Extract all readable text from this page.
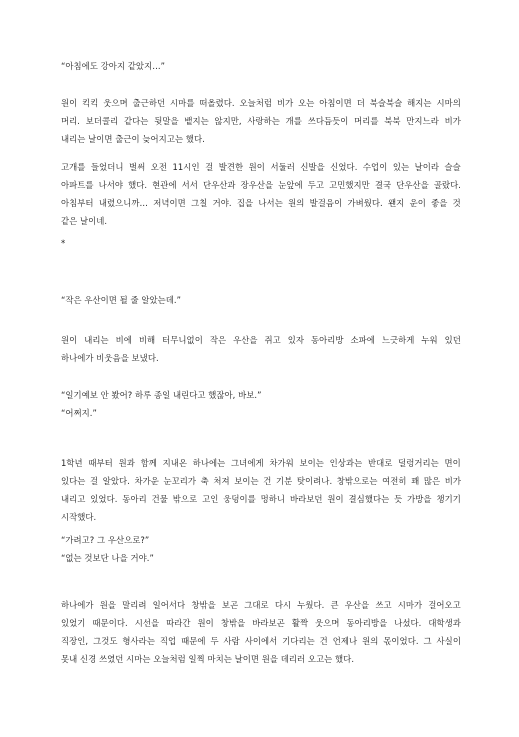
“아침에도 강아지 같았지…”
원이 킥킥 웃으며 출근하던 시마를 떠올렸다. 오늘처럼 비가 오는 아침이면 더 북슬북슬 해지는 시마의
머리. 보더콜리 같다는 뒷말을 뱉지는 않지만, 사랑하는 개를 쓰다듬듯이 머리를 북북 만지느라 비가
내리는 날이면 출근이 늦어지고는 했다.
고개를 들었더니 벌써 오전 11시인 걸 발견한 원이 서둘러 신발을 신었다. 수업이 있는 날이라 슬슬
아파트를 나서야 했다. 현관에 서서 단우산과 장우산을 눈앞에 두고 고민했지만 결국 단우산을 골랐다.
아침부터 내렸으니까… 저녁이면 그칠 거야. 집을 나서는 원의 발걸음이 가벼웠다. 왠지 운이 좋을 것
같은 날이네.
*
“작은 우산이면 될 줄 알았는데.”
원이 내리는 비에 비해 터무니없이 작은 우산을 쥐고 있자 동아리방 소파에 느긋하게 누워 있던
하나에가 비웃음을 보냈다.
“일기예보 안 봤어? 하루 종일 내린다고 했잖아, 바보.”
“어쩌지.”
1학년 때부터 원과 함께 지내온 하나에는 그녀에게 차가워 보이는 인상과는 반대로 덜렁거리는 면이
있다는 걸 알았다. 차가운 눈꼬리가 축 처져 보이는 건 기분 탓이려나. 창밖으로는 여전히 꽤 많은 비가
내리고 있었다. 동아리 건물 밖으로 고인 웅덩이를 멍하니 바라보던 원이 결심했다는 듯 가방을 챙기기
시작했다.
“가려고? 그 우산으로?”
“없는 것보단 나을 거야.”
하나에가 원을 말리려 일어서다 창밖을 보곤 그대로 다시 누웠다. 큰 우산을 쓰고 시마가 걸어오고
있었기 때문이다. 시선을 따라간 원이 창밖을 바라보곤 활짝 웃으며 동아리방을 나섰다. 대학생과
직장인, 그것도 형사라는 직업 때문에 두 사람 사이에서 기다리는 건 언제나 원의 몫이었다. 그 사실이
못내 신경 쓰였던 시마는 오늘처럼 일찍 마치는 날이면 원을 데리러 오고는 했다.
